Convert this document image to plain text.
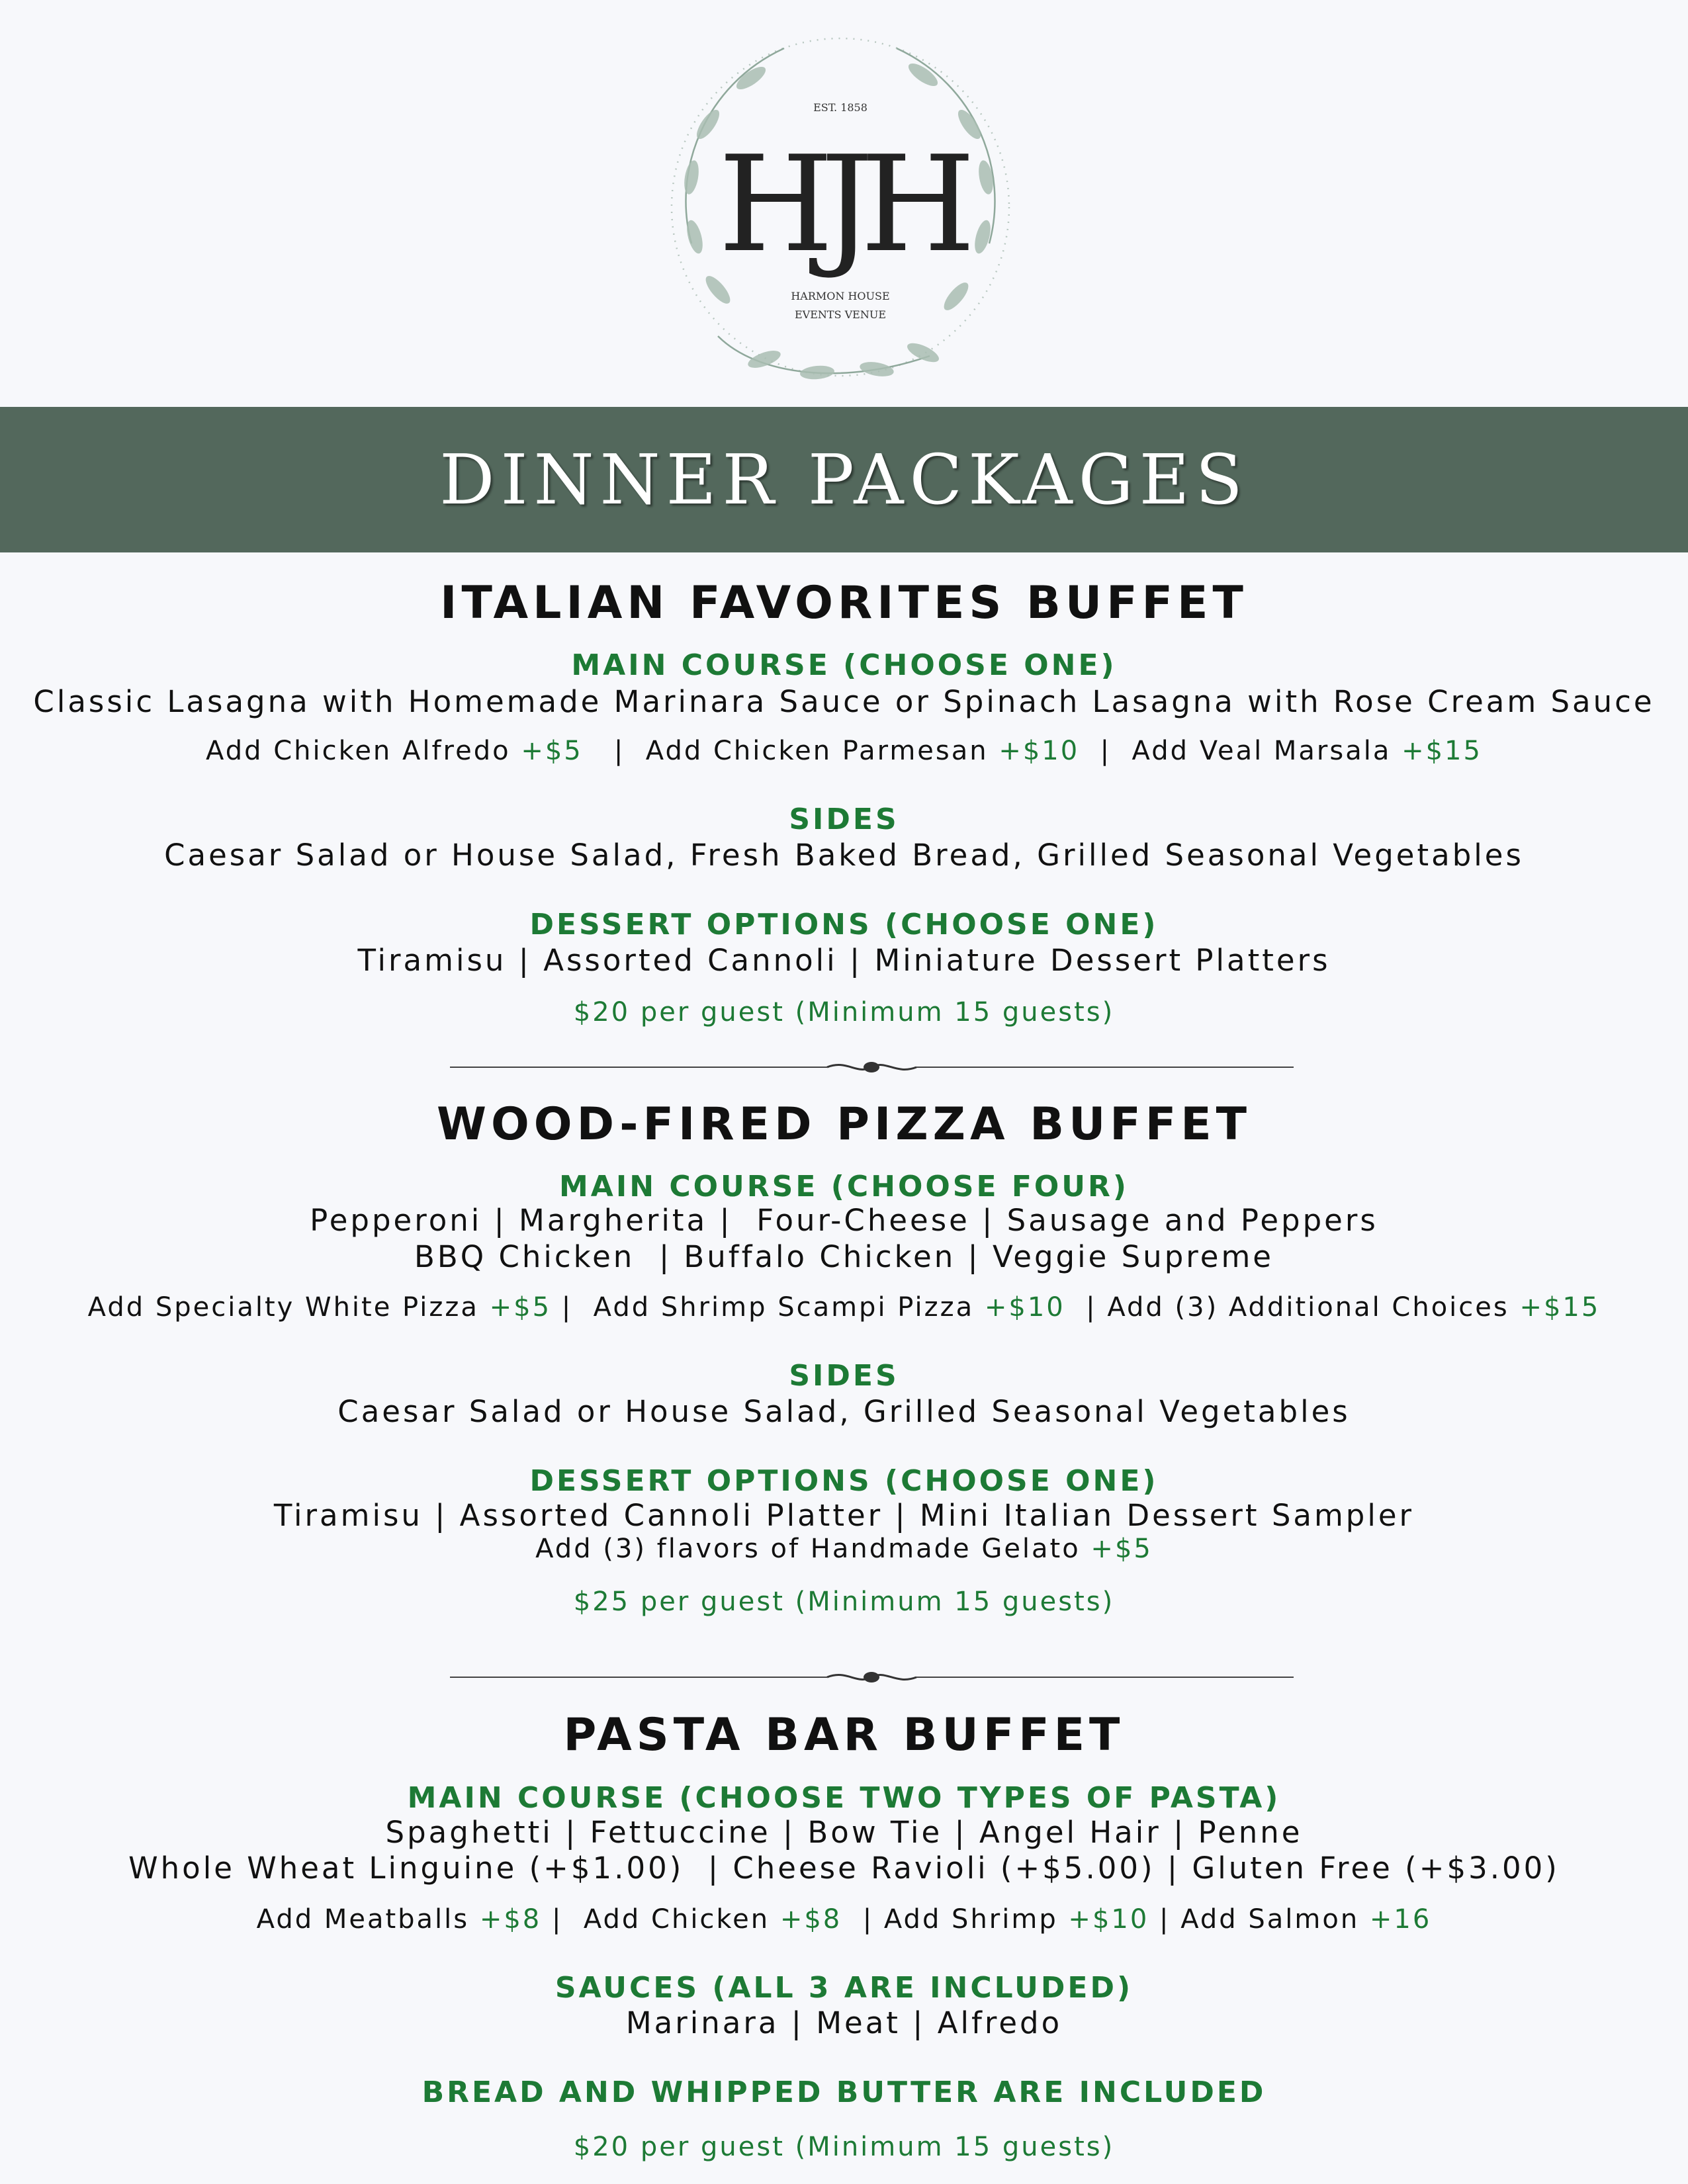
EST. 1858
HJH
HARMON HOUSE
EVENTS VENUE
DINNER PACKAGES
ITALIAN FAVORITES BUFFET
MAIN COURSE (CHOOSE ONE)
Classic Lasagna with Homemade Marinara Sauce or Spinach Lasagna with Rose Cream Sauce
Add Chicken Alfredo +$5   |  Add Chicken Parmesan +$10  |  Add Veal Marsala +$15
SIDES
Caesar Salad or House Salad, Fresh Baked Bread, Grilled Seasonal Vegetables
DESSERT OPTIONS (CHOOSE ONE)
Tiramisu | Assorted Cannoli | Miniature Dessert Platters
$20 per guest (Minimum 15 guests)
WOOD-FIRED PIZZA BUFFET
MAIN COURSE (CHOOSE FOUR)
Pepperoni | Margherita |  Four-Cheese | Sausage and Peppers
BBQ Chicken  | Buffalo Chicken | Veggie Supreme
Add Specialty White Pizza +$5 |  Add Shrimp Scampi Pizza +$10  | Add (3) Additional Choices +$15
SIDES
Caesar Salad or House Salad, Grilled Seasonal Vegetables
DESSERT OPTIONS (CHOOSE ONE)
Tiramisu | Assorted Cannoli Platter | Mini Italian Dessert Sampler
Add (3) flavors of Handmade Gelato +$5
$25 per guest (Minimum 15 guests)
PASTA BAR BUFFET
MAIN COURSE (CHOOSE TWO TYPES OF PASTA)
Spaghetti | Fettuccine | Bow Tie | Angel Hair | Penne
Whole Wheat Linguine (+$1.00)  | Cheese Ravioli (+$5.00) | Gluten Free (+$3.00)
Add Meatballs +$8 |  Add Chicken +$8  | Add Shrimp +$10 | Add Salmon +16
SAUCES (ALL 3 ARE INCLUDED)
Marinara | Meat | Alfredo
BREAD AND WHIPPED BUTTER ARE INCLUDED
$20 per guest (Minimum 15 guests)
